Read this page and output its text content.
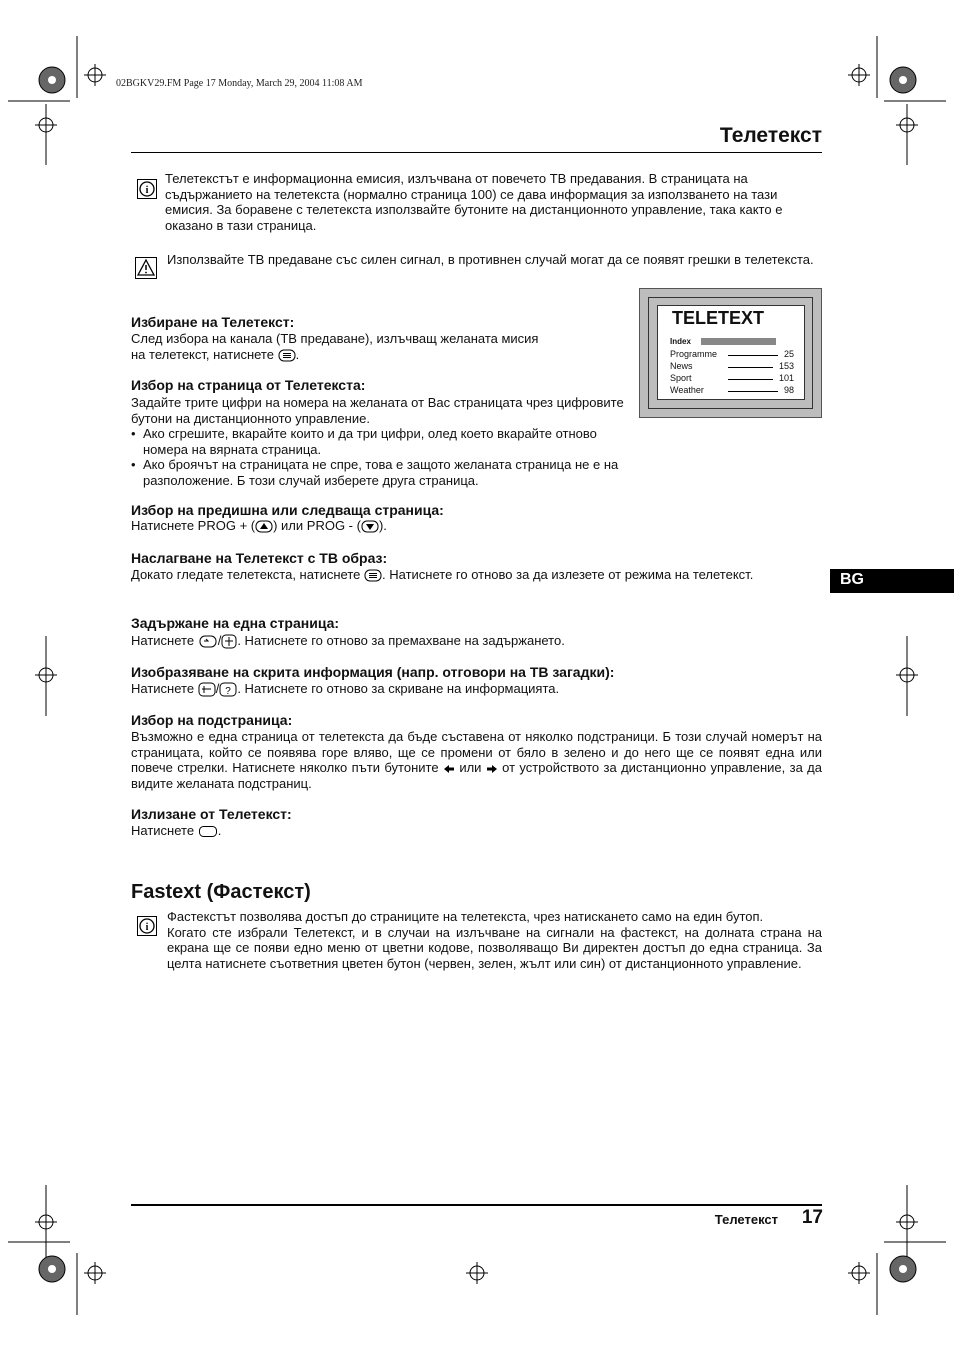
02BGKV29.FM Page 17 Monday, March 29, 2004 11:08 AM
Телетекст
i
Телетекстът е информационна емисия, излъчвана от повечето ТВ предавания. В страницата на съдържанието на телетекста (нормално страница 100) се дава информация за използването на тази емисия. За боравене с телетекста използвайте бутоните на дистанционното управление, така както е оказано в тази страница.
Използвайте ТВ предаване със силен сигнал, в противнен случай могат да се появят грешки в телетекста.
TELETEXT
Index
Programme	25
News	153
Sport	101
Weather	98
Избиране на Телетекст:
След избора на канала (ТВ предаване), излъчващ желаната мисия
на телетекст, натиснете .
Избор на страница от Телетекста:
Задайте трите цифри на номера на желаната от Вас страницата чрез цифровите бутони на дистанционното управление.
• Ако сгрешите, вкарайте които и да три цифри, олед което вкарайте отново номера на вярната страница.
• Ако броячът на страницата не спре, това е защото желаната страница не е на разположение. Б този случай изберете друга страница.
Избор на предишна или следваща страница:
Натиснете PROG + ( ) или PROG - ( ).
Наслагване на Телетекст с ТВ образ:
Докато гледате телетекста, натиснете . Натиснете го отново за да излезете от режима на телетекст.	BG
Задържане на една страница:
Натиснете / . Натиснете го отново за премахване на задържането.
Изобразяване на скрита информация (напр. отговори на ТВ загадки):
Натиснете / ? . Натиснете го отново за скриване на информацията.
Избор на подстраница:
Възможно е една страница от телетекста да бъде съставена от няколко подстраници. Б този случай номерът на страницата, който се появява горе вляво, ще се промени от бяло в зелено и до него ще се появят една или повече стрелки. Натиснете няколко пъти бутоните или от устройството за дистанционно управление, за да видите желаната подстраниц.
Излизане от Телетекст:
Натиснете .
Fastext (Фастекст)
i
Фастекстът позволява достъп до страниците на телетекста, чрез натискането само на един бутоп.
Когато сте избрали Телетекст, и в случаи на излъчване на сигнали на фастекст, на долната страна на екрана ще се появи едно меню от цветни кодове, позволяващо Ви директен достъп до една страница. За целта натиснете съответния цветен бутон (червен, зелен, жълт или син) от дистанционното управление.
Телетекст 17
